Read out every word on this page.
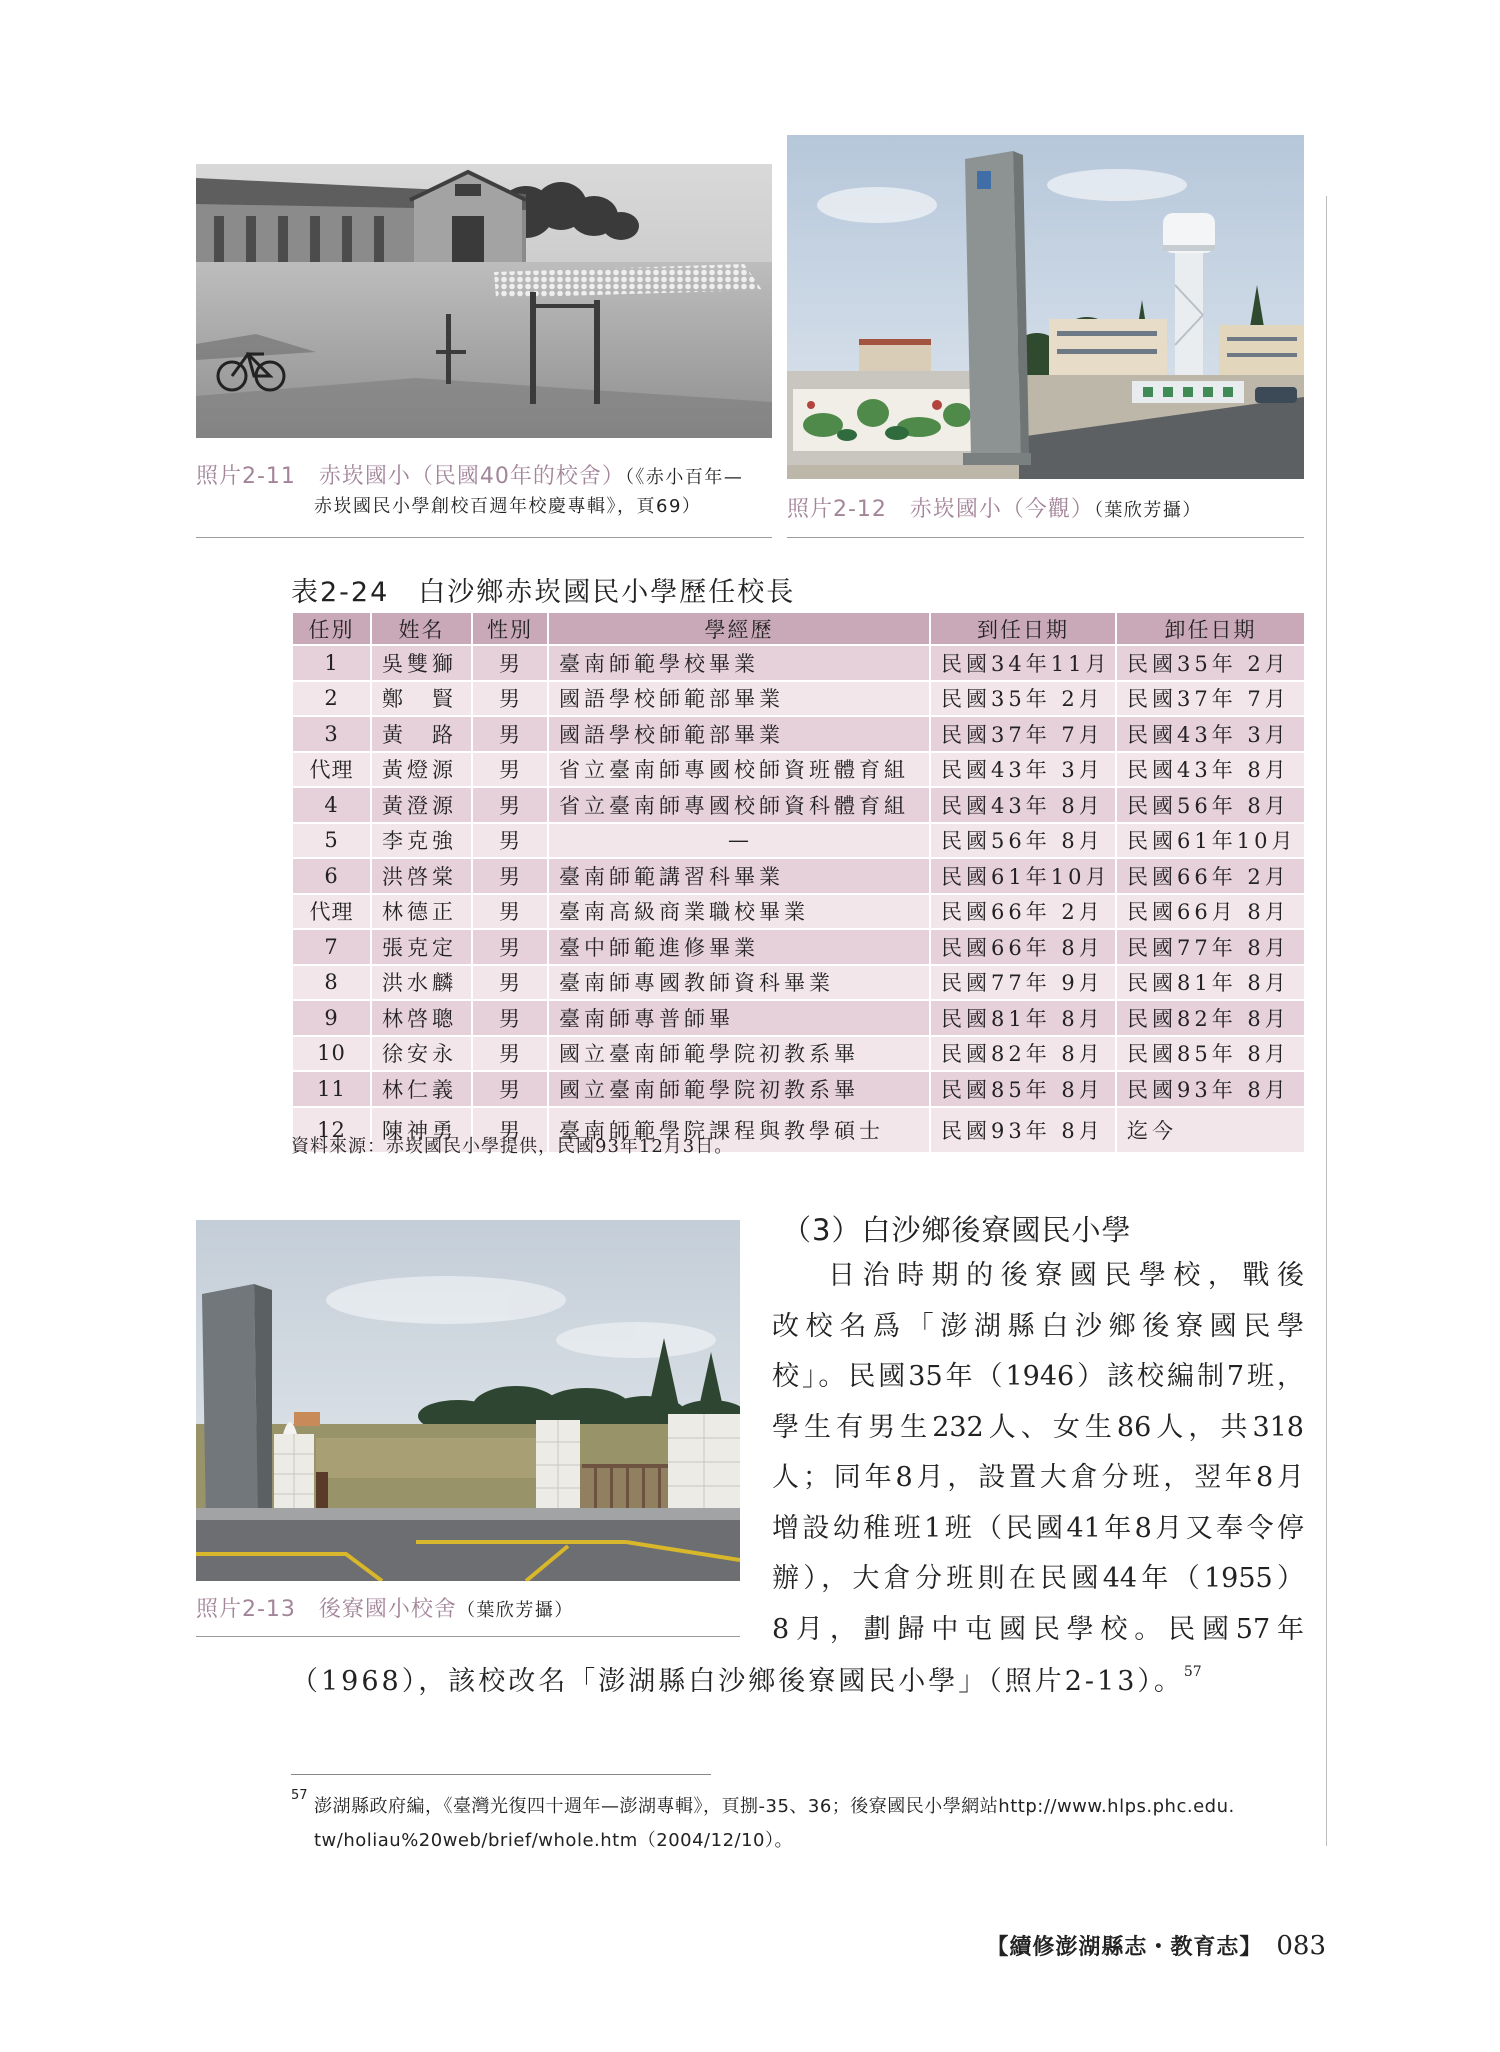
照片2-11　赤崁國小（民國40年的校舍）（《赤小百年—
赤崁國民小學創校百週年校慶專輯》，頁69）	照片2-12　赤崁國小（今觀）（葉欣芳攝）
表2-24　白沙鄉赤崁國民小學歷任校長
任別	姓名	性別	學經歷	到任日期	卸任日期
1	吳雙獅	男	臺南師範學校畢業	民國34年11月	民國35年 2月
2	鄭　賢	男	國語學校師範部畢業	民國35年 2月	民國37年 7月
3	黃　路	男	國語學校師範部畢業	民國37年 7月	民國43年 3月
代理	黃燈源	男	省立臺南師專國校師資班體育組	民國43年 3月	民國43年 8月
4	黃澄源	男	省立臺南師專國校師資科體育組	民國43年 8月	民國56年 8月
5	李克強	男	—	民國56年 8月	民國61年10月
6	洪啓棠	男	臺南師範講習科畢業	民國61年10月	民國66年 2月
代理	林德正	男	臺南高級商業職校畢業	民國66年 2月	民國66月 8月
7	張克定	男	臺中師範進修畢業	民國66年 8月	民國77年 8月
8	洪水麟	男	臺南師專國教師資科畢業	民國77年 9月	民國81年 8月
9	林啓聰	男	臺南師專普師畢	民國81年 8月	民國82年 8月
10	徐安永	男	國立臺南師範學院初教系畢	民國82年 8月	民國85年 8月
11	林仁義	男	國立臺南師範學院初教系畢	民國85年 8月	民國93年 8月
12	陳神勇	男	臺南師範學院課程與教學碩士	民國93年 8月	迄今
資料來源：赤崁國民小學提供，民國93年12月3日。
照片2-13　後寮國小校舍（葉欣芳攝）
（3）白沙鄉後寮國民小學
日治時期的後寮國民學校，戰後
改校名爲「澎湖縣白沙鄉後寮國民學
校」。民國35年（1946）該校編制7班，
學生有男生232人、女生86人，共318
人；同年8月，設置大倉分班，翌年8月
增設幼稚班1班（民國41年8月又奉令停
辦），大倉分班則在民國44年（1955）
8月，劃歸中屯國民學校。民國57年
（1968），該校改名「澎湖縣白沙鄉後寮國民小學」（照片2-13）。$^{57}$
57
澎湖縣政府編，《臺灣光復四十週年—澎湖專輯》，頁捌-35、36；後寮國民小學網站http://www.hlps.phc.edu.
tw/holiau%20web/brief/whole.htm（2004/12/10）。
【續修澎湖縣志・教育志】 083
